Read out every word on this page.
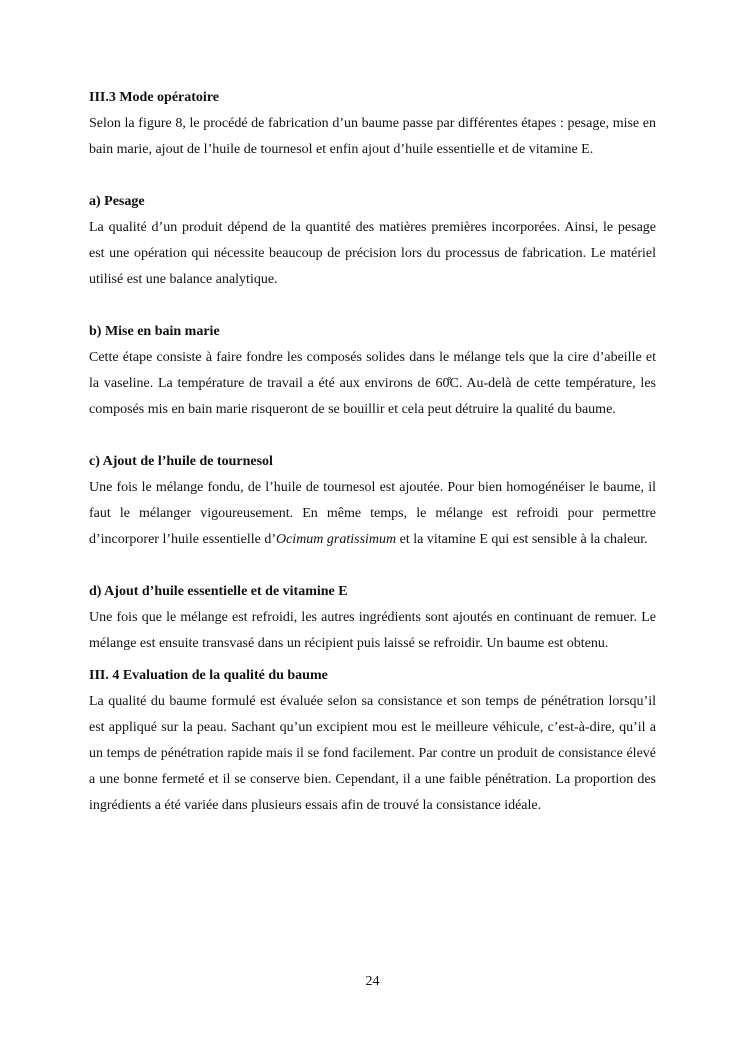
III.3 Mode opératoire

Selon la figure 8, le procédé de fabrication d’un baume passe par différentes étapes : pesage, mise en bain marie, ajout de l’huile de tournesol et enfin ajout d’huile essentielle et de vitamine E.

a) Pesage

La qualité d’un produit dépend de la quantité des matières premières incorporées. Ainsi, le pesage est une opération qui nécessite beaucoup de précision lors du processus de fabrication. Le matériel utilisé est une balance analytique.

b) Mise en bain marie

Cette étape consiste à faire fondre les composés solides dans le mélange tels que la cire d’abeille et la vaseline. La température de travail a été aux environs de 60̊C. Au-delà de cette température, les composés mis en bain marie risqueront de se bouillir et cela peut détruire la qualité du baume.

c) Ajout de l’huile de tournesol

Une fois le mélange fondu, de l’huile de tournesol est ajoutée. Pour bien homogénéiser le baume, il faut le mélanger vigoureusement. En même temps, le mélange est refroidi pour permettre d’incorporer l’huile essentielle d’Ocimum gratissimum et la vitamine E qui est sensible à la chaleur.

d) Ajout d’huile essentielle et de vitamine E

Une fois que le mélange est refroidi, les autres ingrédients sont ajoutés en continuant de remuer. Le mélange est ensuite transvasé dans un récipient puis laissé se refroidir. Un baume est obtenu.

III. 4 Evaluation de la qualité du baume

La qualité du baume formulé est évaluée selon sa consistance et son temps de pénétration lorsqu’il est appliqué sur la peau. Sachant qu’un excipient mou est le meilleure véhicule, c’est-à-dire, qu’il a un temps de pénétration rapide mais il se fond facilement. Par contre un produit de consistance élevé a une bonne fermeté et il se conserve bien. Cependant, il a une faible pénétration. La proportion des ingrédients a été variée dans plusieurs essais afin de trouvé la consistance idéale.

24
